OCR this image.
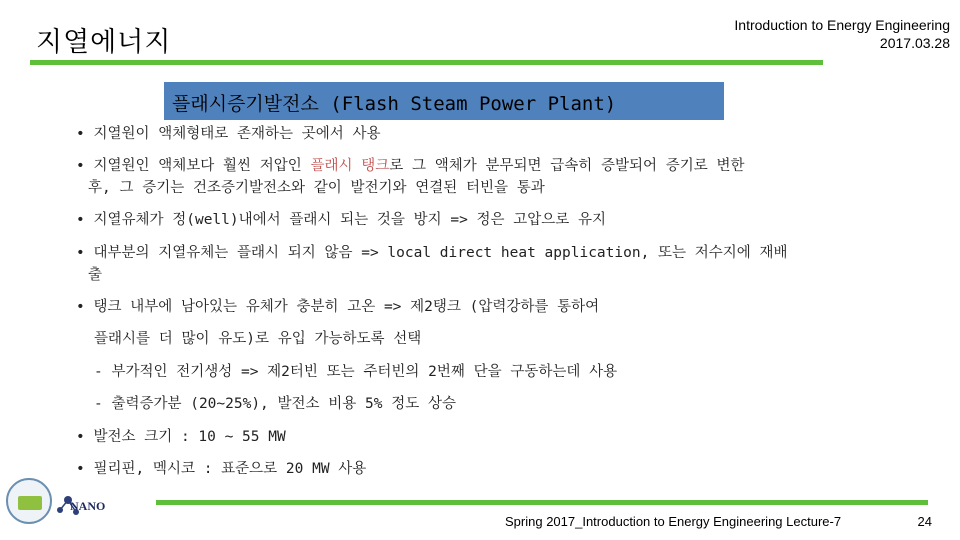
지열에너지
Introduction to Energy Engineering
2017.03.28
플래시증기발전소 (Flash Steam Power Plant)
• 지열원이 액체형태로 존재하는 곳에서 사용
• 지열원인 액체보다 훨씬 저압인 플래시 탱크로 그 액체가 분무되면 급속히 증발되어 증기로 변한
후, 그 증기는 건조증기발전소와 같이 발전기와 연결된 터빈을 통과
• 지열유체가 정(well)내에서 플래시 되는 것을 방지 => 정은 고압으로 유지
• 대부분의 지열유체는 플래시 되지 않음 => local direct heat application, 또는 저수지에 재배
출
• 탱크 내부에 남아있는 유체가 충분히 고온 => 제2탱크 (압력강하를 통하여
플래시를 더 많이 유도)로 유입 가능하도록 선택
- 부가적인 전기생성 => 제2터빈 또는 주터빈의 2번째 단을 구동하는데 사용
- 출력증가분 (20~25%), 발전소 비용 5% 정도 상승
• 발전소 크기 : 10 ~ 55 MW
• 필리핀, 멕시코 : 표준으로 20 MW 사용
NANO
Spring 2017_Introduction to Energy Engineering Lecture-7	24
